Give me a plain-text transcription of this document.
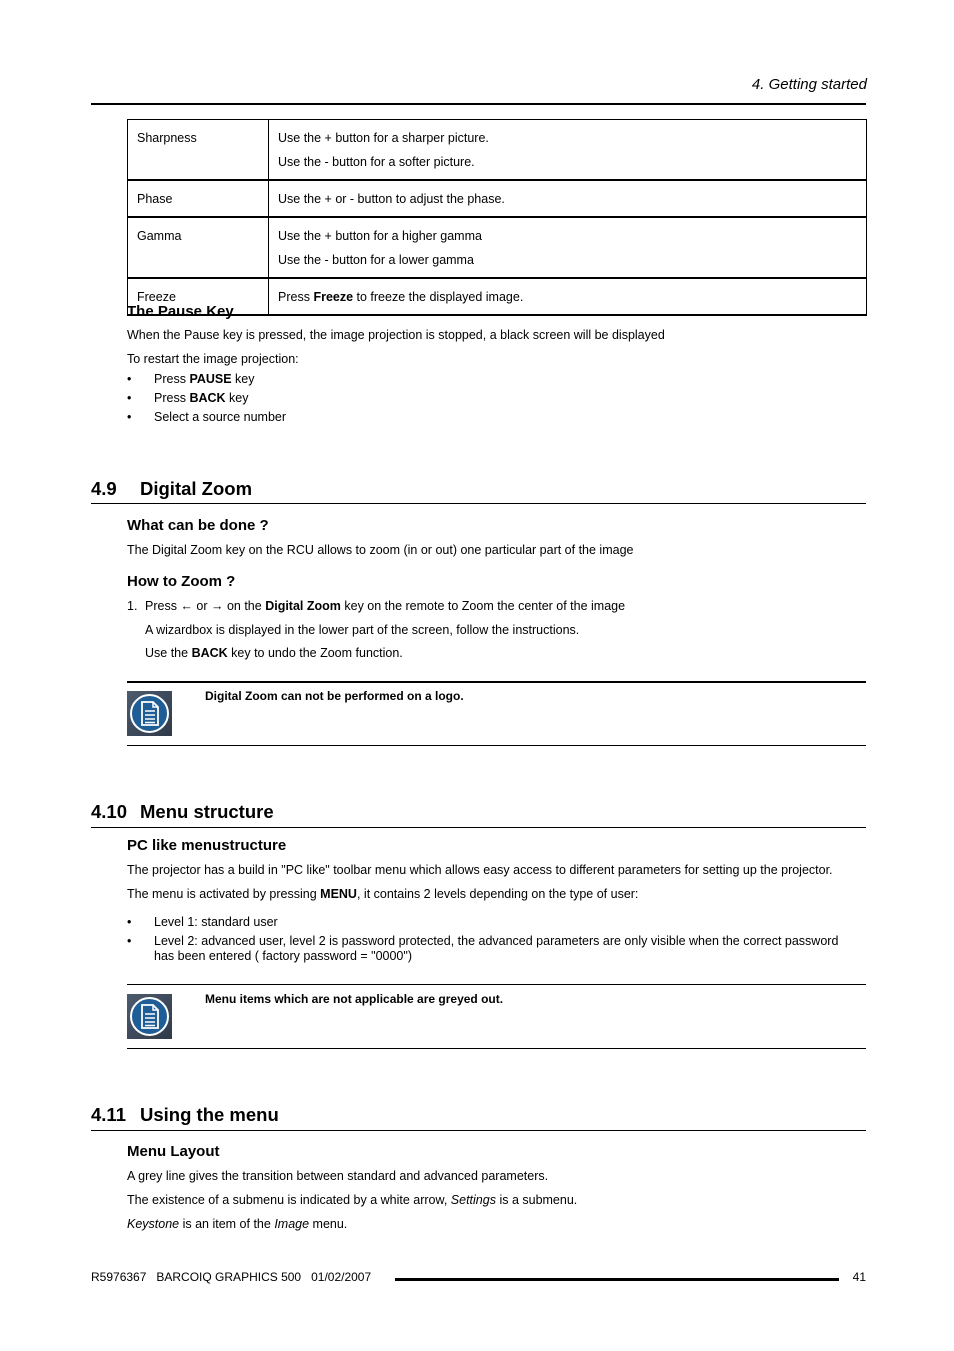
4. Getting started
Sharpness	Use the + button for a sharper picture.
Use the - button for a softer picture.

Phase	Use the + or - button to adjust the phase.

Gamma	Use the + button for a higher gamma
Use the - button for a lower gamma

Freeze	Press Freeze to freeze the displayed image.
The Pause Key

When the Pause key is pressed, the image projection is stopped, a black screen will be displayed

To restart the image projection:

• Press PAUSE key
• Press BACK key
• Select a source number
4.9 Digital Zoom
What can be done ?

The Digital Zoom key on the RCU allows to zoom (in or out) one particular part of the image

How to Zoom ?
1. Press ← or → on the Digital Zoom key on the remote to Zoom the center of the image

A wizardbox is displayed in the lower part of the screen, follow the instructions.

Use the BACK key to undo the Zoom function.

Digital Zoom can not be performed on a logo.
4.10 Menu structure
PC like menustructure

The projector has a build in "PC like" toolbar menu which allows easy access to different parameters for setting up the projector.

The menu is activated by pressing MENU, it contains 2 levels depending on the type of user:

• Level 1: standard user
• Level 2: advanced user, level 2 is password protected, the advanced parameters are only visible when the correct password
has been entered ( factory password = "0000")
Menu items which are not applicable are greyed out.
4.11 Using the menu
Menu Layout

A grey line gives the transition between standard and advanced parameters.

The existence of a submenu is indicated by a white arrow, Settings is a submenu.

Keystone is an item of the Image menu.

R5976367   BARCOIQ GRAPHICS 500   01/02/2007	41
